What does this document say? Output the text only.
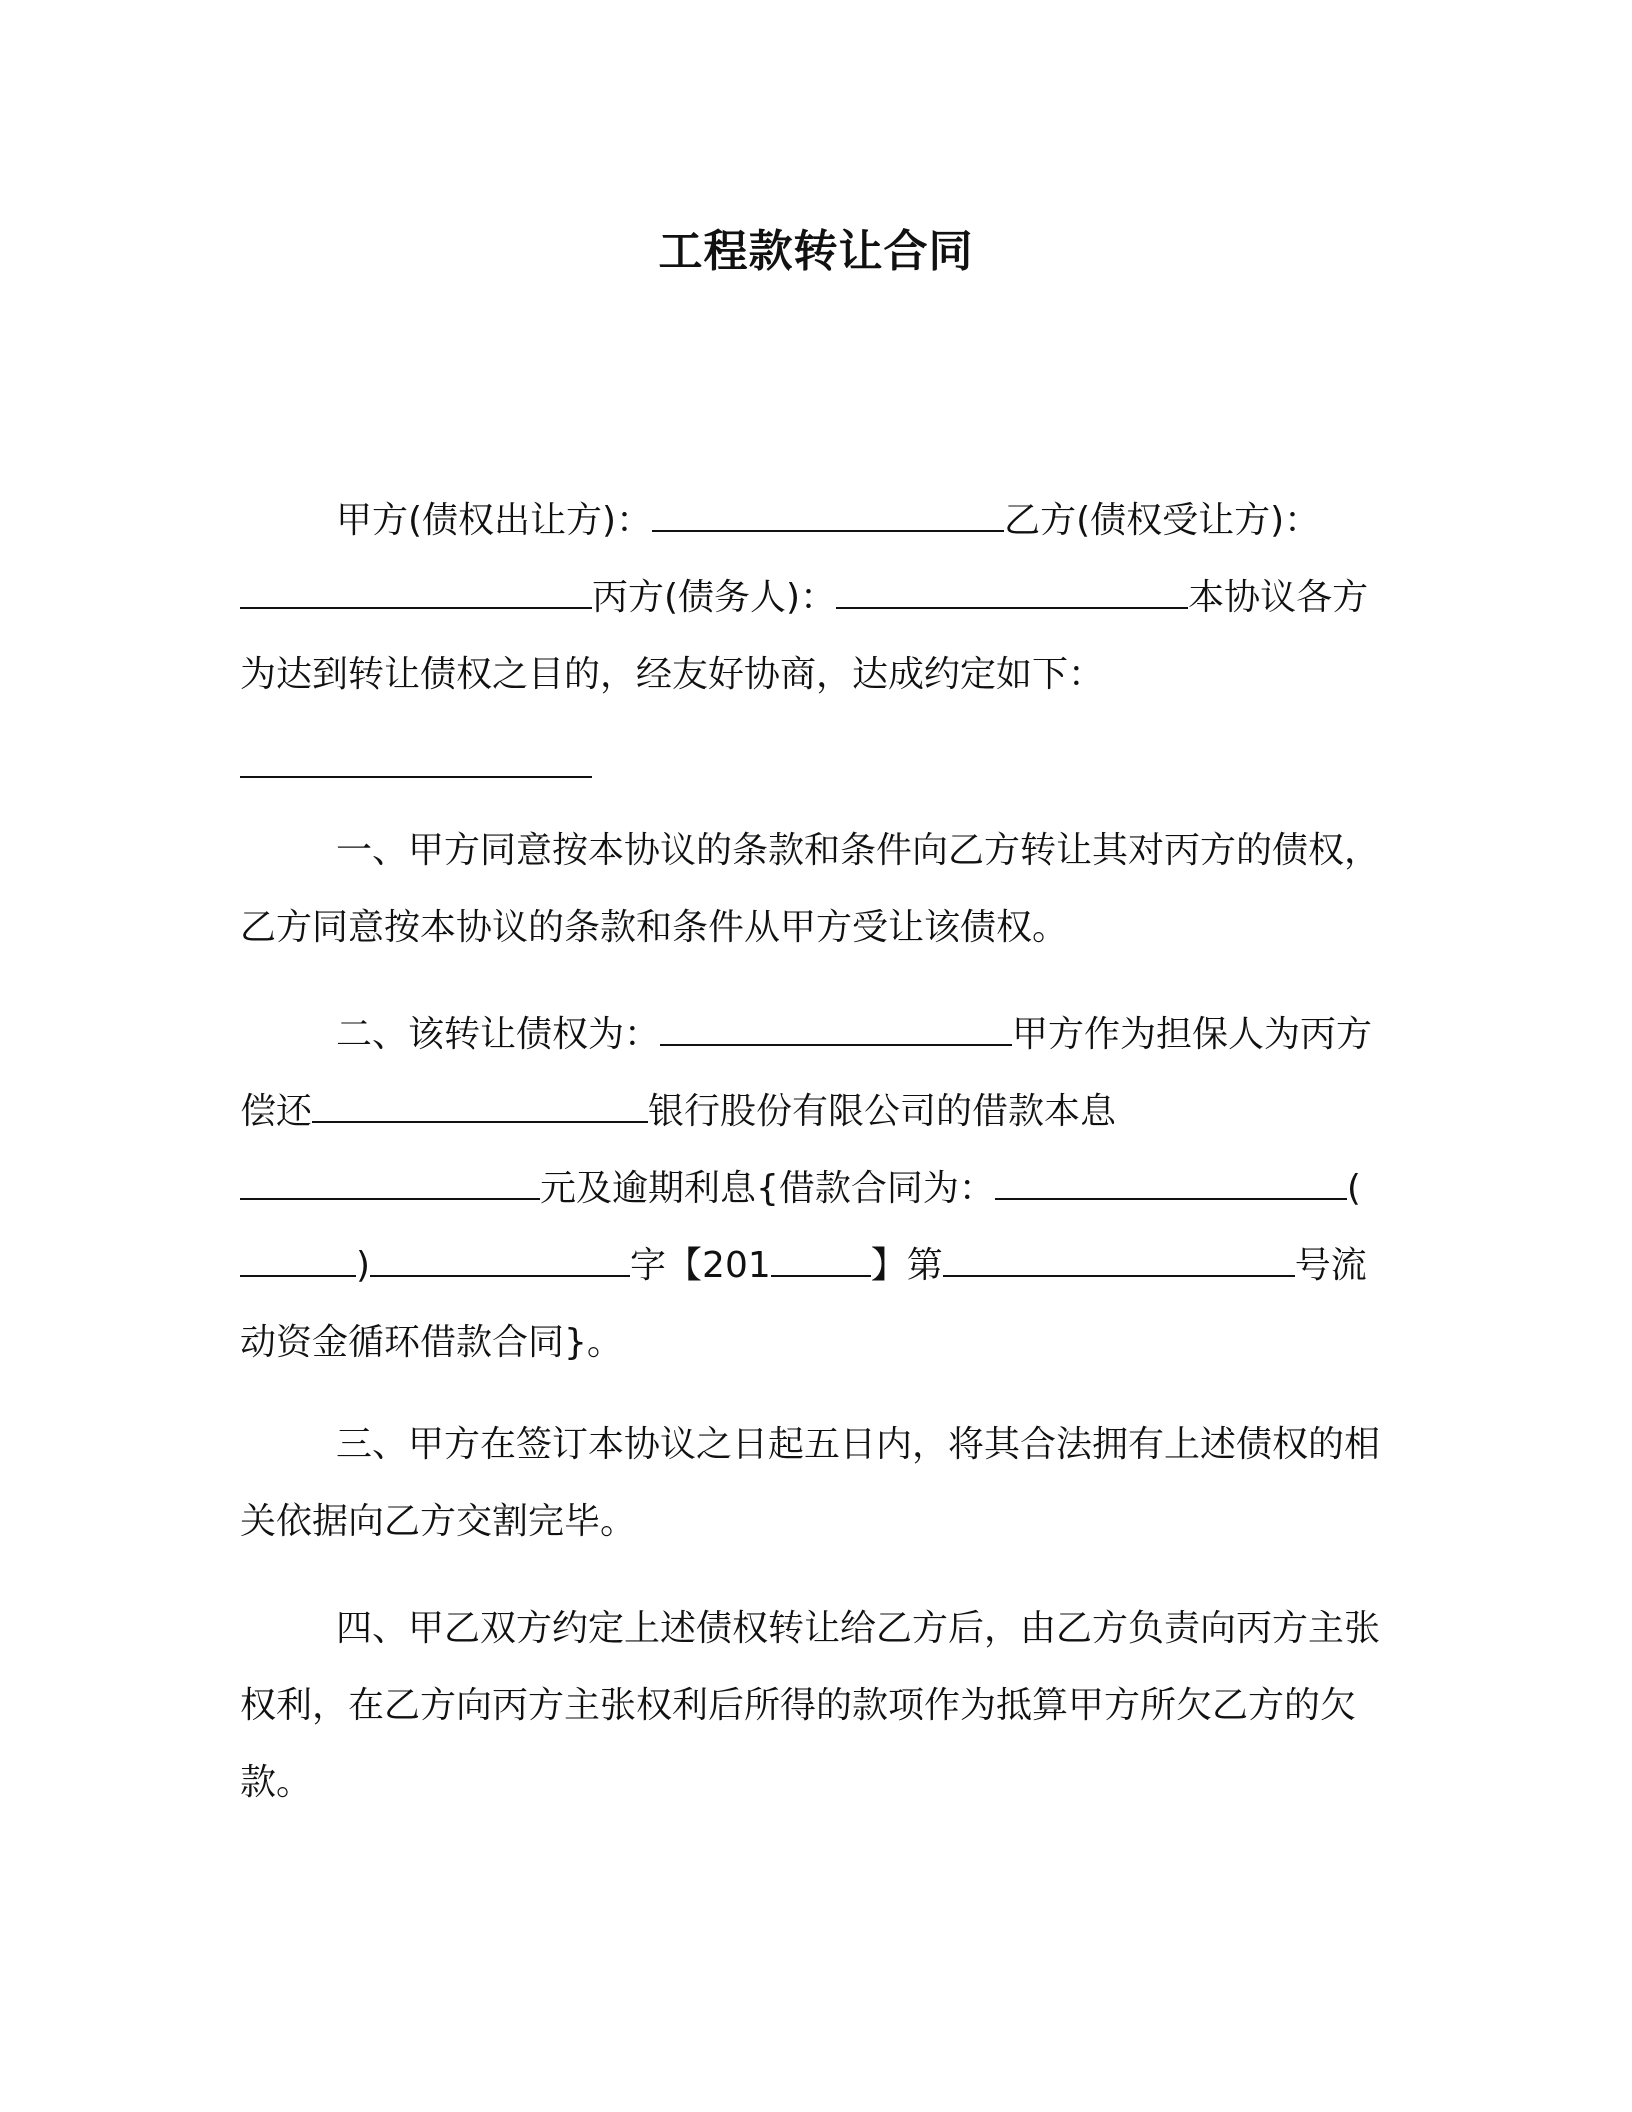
工程款转让合同

甲方(债权出让方)：	乙方(债权受让方)：丙方(债务人)：	本协议各方为达到转让债权之目的，经友好协商，达成约定如下：

一、甲方同意按本协议的条款和条件向乙方转让其对丙方的债权，乙方同意按本协议的条款和条件从甲方受让该债权。

二、该转让债权为：	甲方作为担保人为丙方偿还	银行股份有限公司的借款本息元及逾期利息{借款合同为：	()	字【201	】第	号流动资金循环借款合同}。

三、甲方在签订本协议之日起五日内，将其合法拥有上述债权的相关依据向乙方交割完毕。

四、甲乙双方约定上述债权转让给乙方后，由乙方负责向丙方主张权利，在乙方向丙方主张权利后所得的款项作为抵算甲方所欠乙方的欠款。
